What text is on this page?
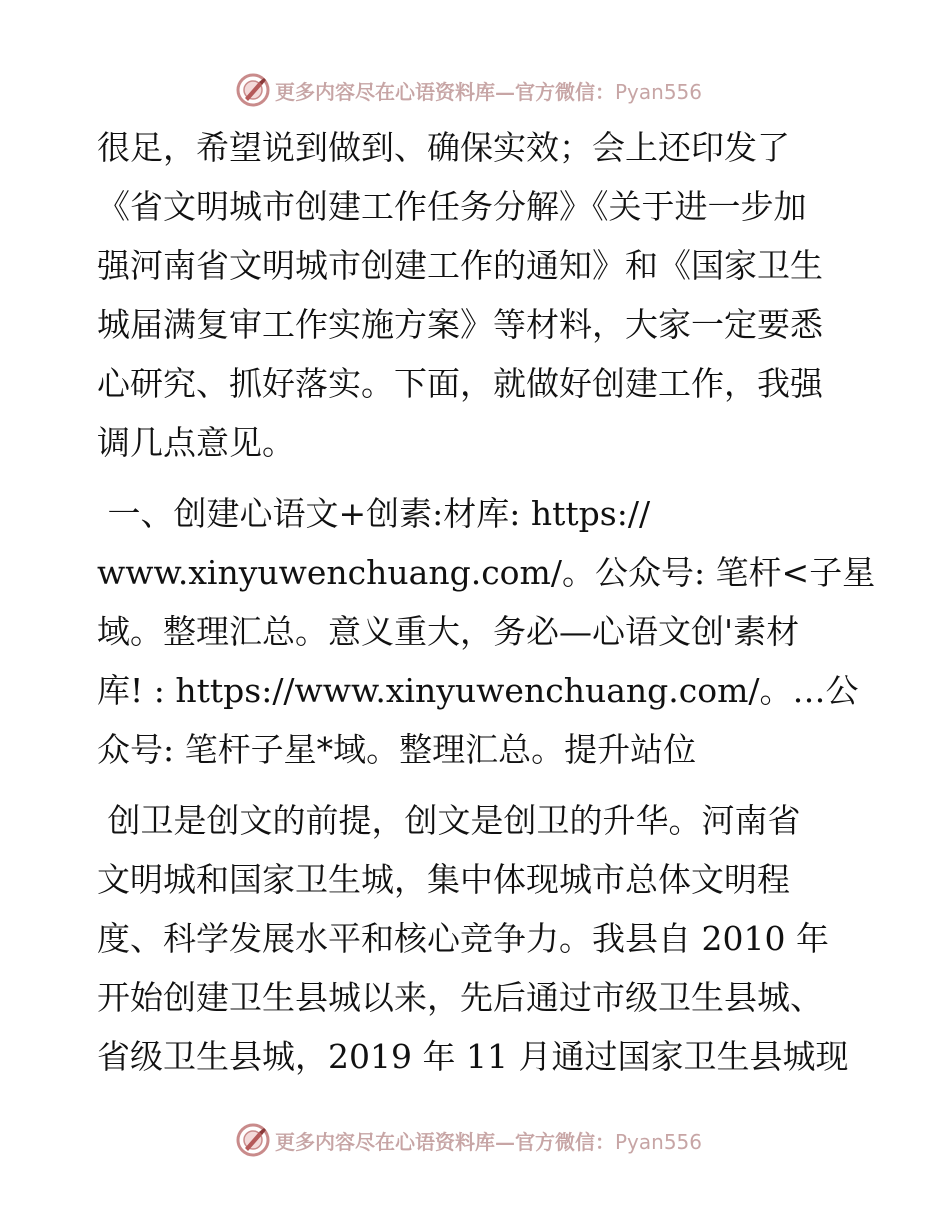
更多内容尽在心语资料库—官方微信：Pyan556
很足，希望说到做到、确保实效；会上还印发了
《省文明城市创建工作任务分解》《关于进一步加
强河南省文明城市创建工作的通知》和《国家卫生
城届满复审工作实施方案》等材料，大家一定要悉
心研究、抓好落实。下面，就做好创建工作，我强
调几点意见。
一、创建心语文+创素:材库: https://
www.xinyuwenchuang.com/。公众号: 笔杆<子星
域。整理汇总。意义重大，务必—心语文创'素材
库! : https://www.xinyuwenchuang.com/。…公
众号: 笔杆子星*域。整理汇总。提升站位
创卫是创文的前提，创文是创卫的升华。河南省
文明城和国家卫生城，集中体现城市总体文明程
度、科学发展水平和核心竞争力。我县自 2010 年
开始创建卫生县城以来，先后通过市级卫生县城、
省级卫生县城，2019 年 11 月通过国家卫生县城现
更多内容尽在心语资料库—官方微信：Pyan556
